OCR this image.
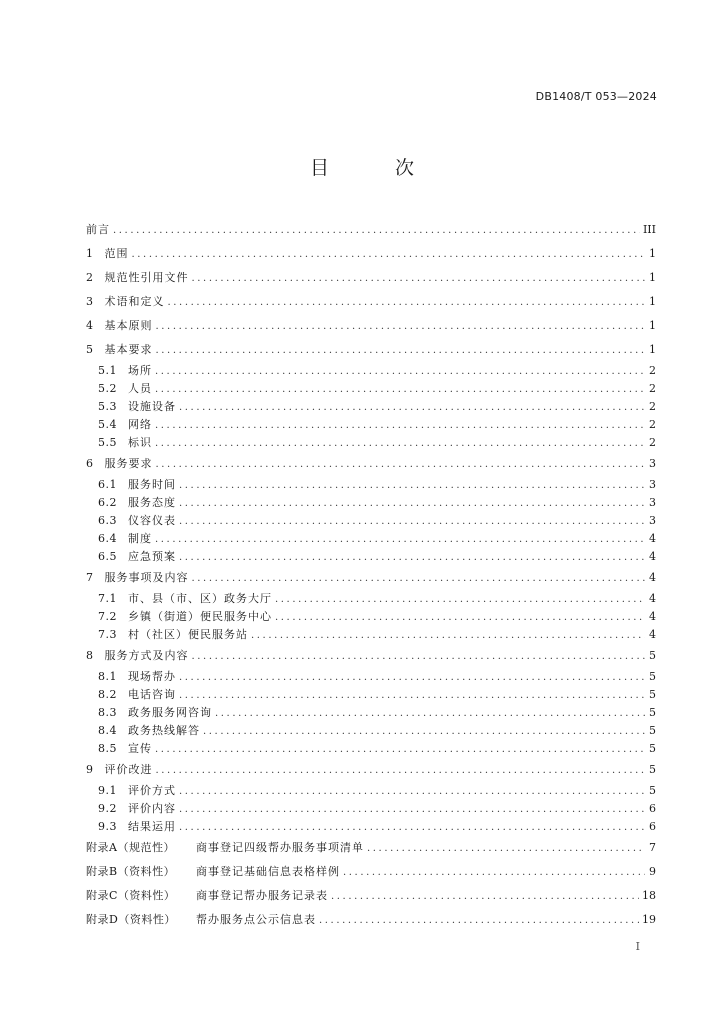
DB1408/T 053—2024
目 次
前言 .....	III
1 范围 .....	1
2 规范性引用文件 .....	1
3 术语和定义 .....	1
4 基本原则 .....	1
5 基本要求 .....	1
5.1 场所 .....	2
5.2 人员 .....	2
5.3 设施设备 .....	2
5.4 网络 .....	2
5.5 标识 .....	2
6 服务要求 .....	3
6.1 服务时间 .....	3
6.2 服务态度 .....	3
6.3 仪容仪表 .....	3
6.4 制度 .....	4
6.5 应急预案 .....	4
7 服务事项及内容 .....	4
7.1 市、县（市、区）政务大厅 .....	4
7.2 乡镇（街道）便民服务中心 .....	4
7.3 村（社区）便民服务站 .....	4
8 服务方式及内容 .....	5
8.1 现场帮办 .....	5
8.2 电话咨询 .....	5
8.3 政务服务网咨询 .....	5
8.4 政务热线解答 .....	5
8.5 宣传 .....	5
9 评价改进 .....	5
9.1 评价方式 .....	5
9.2 评价内容 .....	6
9.3 结果运用 .....	6
附录A（规范性）	商事登记四级帮办服务事项清单 .....	7
附录B（资料性）	商事登记基础信息表格样例 .....	9
附录C（资料性）	商事登记帮办服务记录表 .....	18
附录D（资料性）	帮办服务点公示信息表 .....	19
I
